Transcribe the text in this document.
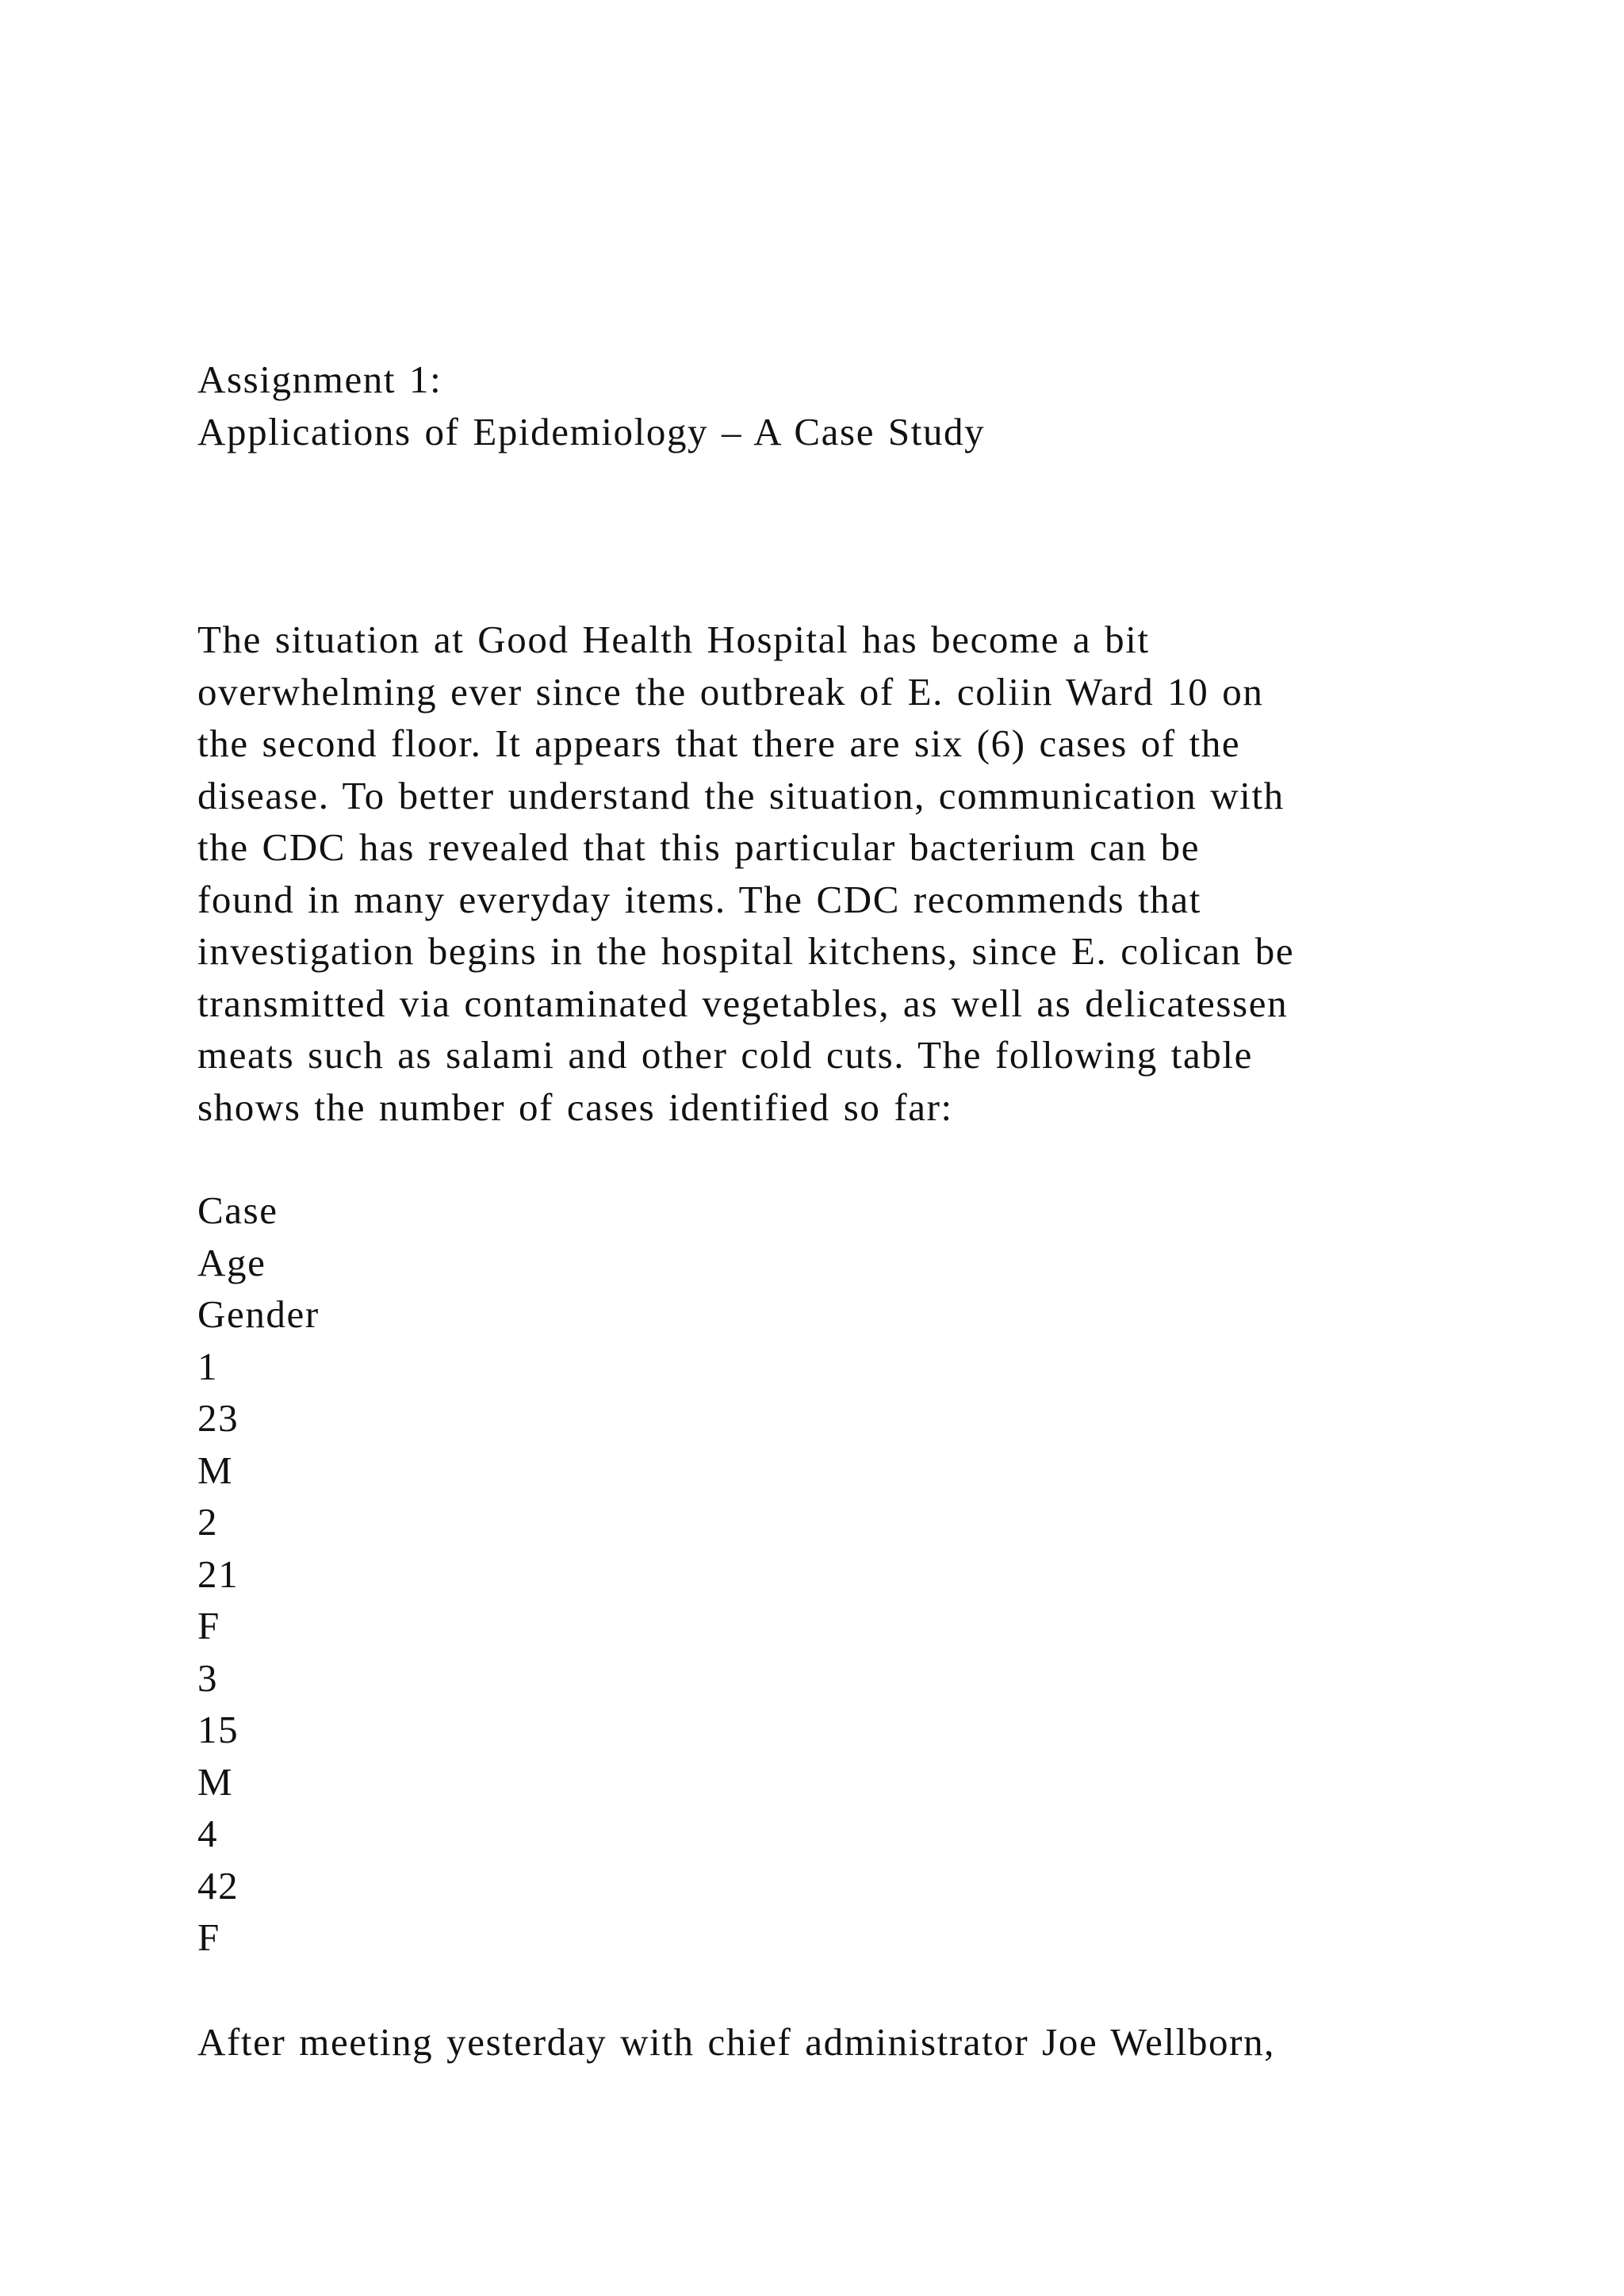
Assignment 1:
Applications of Epidemiology – A Case Study
The situation at Good Health Hospital has become a bit
overwhelming ever since the outbreak of E. coliin Ward 10 on
the second floor. It appears that there are six (6) cases of the
disease. To better understand the situation, communication with
the CDC has revealed that this particular bacterium can be
found in many everyday items. The CDC recommends that
investigation begins in the hospital kitchens, since E. colican be
transmitted via contaminated vegetables, as well as delicatessen
meats such as salami and other cold cuts. The following table
shows the number of cases identified so far:
Case
Age
Gender
1
23
M
2
21
F
3
15
M
4
42
F
After meeting yesterday with chief administrator Joe Wellborn,
